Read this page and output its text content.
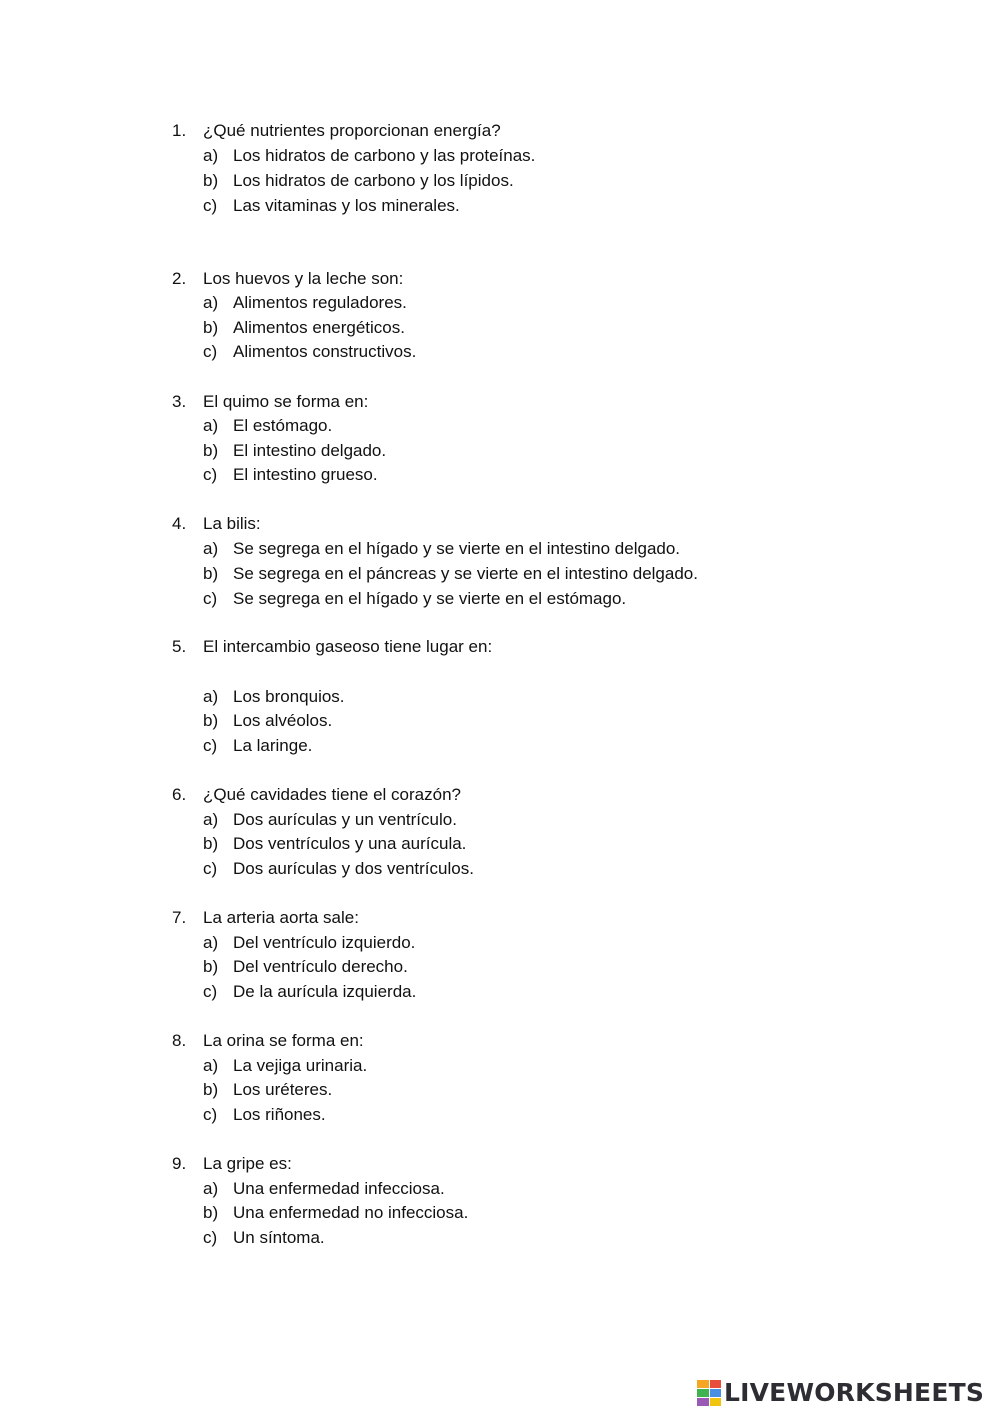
1. ¿Qué nutrientes proporcionan energía?
a) Los hidratos de carbono y las proteínas.
b) Los hidratos de carbono y los lípidos.
c) Las vitaminas y los minerales.
2. Los huevos y la leche son:
a) Alimentos reguladores.
b) Alimentos energéticos.
c) Alimentos constructivos.
3. El quimo se forma en:
a) El estómago.
b) El intestino delgado.
c) El intestino grueso.
4. La bilis:
a) Se segrega en el hígado y se vierte en el intestino delgado.
b) Se segrega en el páncreas y se vierte en el intestino delgado.
c) Se segrega en el hígado y se vierte en el estómago.
5. El intercambio gaseoso tiene lugar en:
a) Los bronquios.
b) Los alvéolos.
c) La laringe.
6. ¿Qué cavidades tiene el corazón?
a) Dos aurículas y un ventrículo.
b) Dos ventrículos y una aurícula.
c) Dos aurículas y dos ventrículos.
7. La arteria aorta sale:
a) Del ventrículo izquierdo.
b) Del ventrículo derecho.
c) De la aurícula izquierda.
8. La orina se forma en:
a) La vejiga urinaria.
b) Los uréteres.
c) Los riñones.
9. La gripe es:
a) Una enfermedad infecciosa.
b) Una enfermedad no infecciosa.
c) Un síntoma.
LIVEWORKSHEETS
